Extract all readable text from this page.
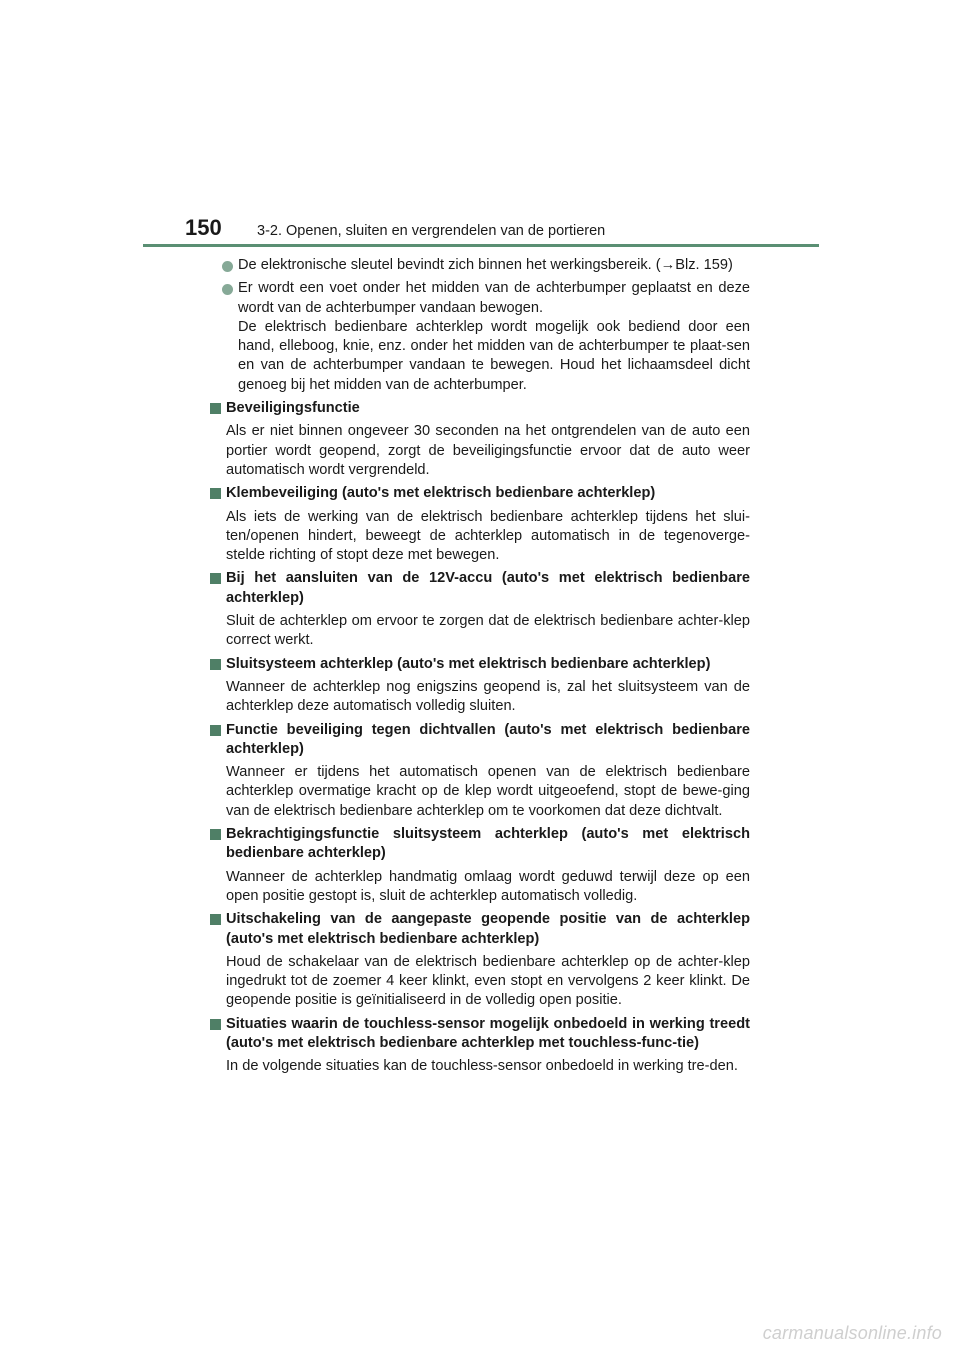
150 3-2. Openen, sluiten en vergrendelen van de portieren
De elektronische sleutel bevindt zich binnen het werkingsbereik. (→Blz. 159)
Er wordt een voet onder het midden van de achterbumper geplaatst en deze wordt van de achterbumper vandaan bewogen.
De elektrisch bedienbare achterklep wordt mogelijk ook bediend door een hand, elleboog, knie, enz. onder het midden van de achterbumper te plaat-sen en van de achterbumper vandaan te bewegen. Houd het lichaamsdeel dicht genoeg bij het midden van de achterbumper.
Beveiligingsfunctie
Als er niet binnen ongeveer 30 seconden na het ontgrendelen van de auto een portier wordt geopend, zorgt de beveiligingsfunctie ervoor dat de auto weer automatisch wordt vergrendeld.
Klembeveiliging (auto's met elektrisch bedienbare achterklep)
Als iets de werking van de elektrisch bedienbare achterklep tijdens het slui-ten/openen hindert, beweegt de achterklep automatisch in de tegenoverge-stelde richting of stopt deze met bewegen.
Bij het aansluiten van de 12V-accu (auto's met elektrisch bedienbare achterklep)
Sluit de achterklep om ervoor te zorgen dat de elektrisch bedienbare achter-klep correct werkt.
Sluitsysteem achterklep (auto's met elektrisch bedienbare achterklep)
Wanneer de achterklep nog enigszins geopend is, zal het sluitsysteem van de achterklep deze automatisch volledig sluiten.
Functie beveiliging tegen dichtvallen (auto's met elektrisch bedienbare achterklep)
Wanneer er tijdens het automatisch openen van de elektrisch bedienbare achterklep overmatige kracht op de klep wordt uitgeoefend, stopt de bewe-ging van de elektrisch bedienbare achterklep om te voorkomen dat deze dichtvalt.
Bekrachtigingsfunctie sluitsysteem achterklep (auto's met elektrisch bedienbare achterklep)
Wanneer de achterklep handmatig omlaag wordt geduwd terwijl deze op een open positie gestopt is, sluit de achterklep automatisch volledig.
Uitschakeling van de aangepaste geopende positie van de achterklep (auto's met elektrisch bedienbare achterklep)
Houd de schakelaar van de elektrisch bedienbare achterklep op de achter-klep ingedrukt tot de zoemer 4 keer klinkt, even stopt en vervolgens 2 keer klinkt. De geopende positie is geïnitialiseerd in de volledig open positie.
Situaties waarin de touchless-sensor mogelijk onbedoeld in werking treedt (auto's met elektrisch bedienbare achterklep met touchless-func-tie)
In de volgende situaties kan de touchless-sensor onbedoeld in werking tre-den.
carmanualsonline.info
